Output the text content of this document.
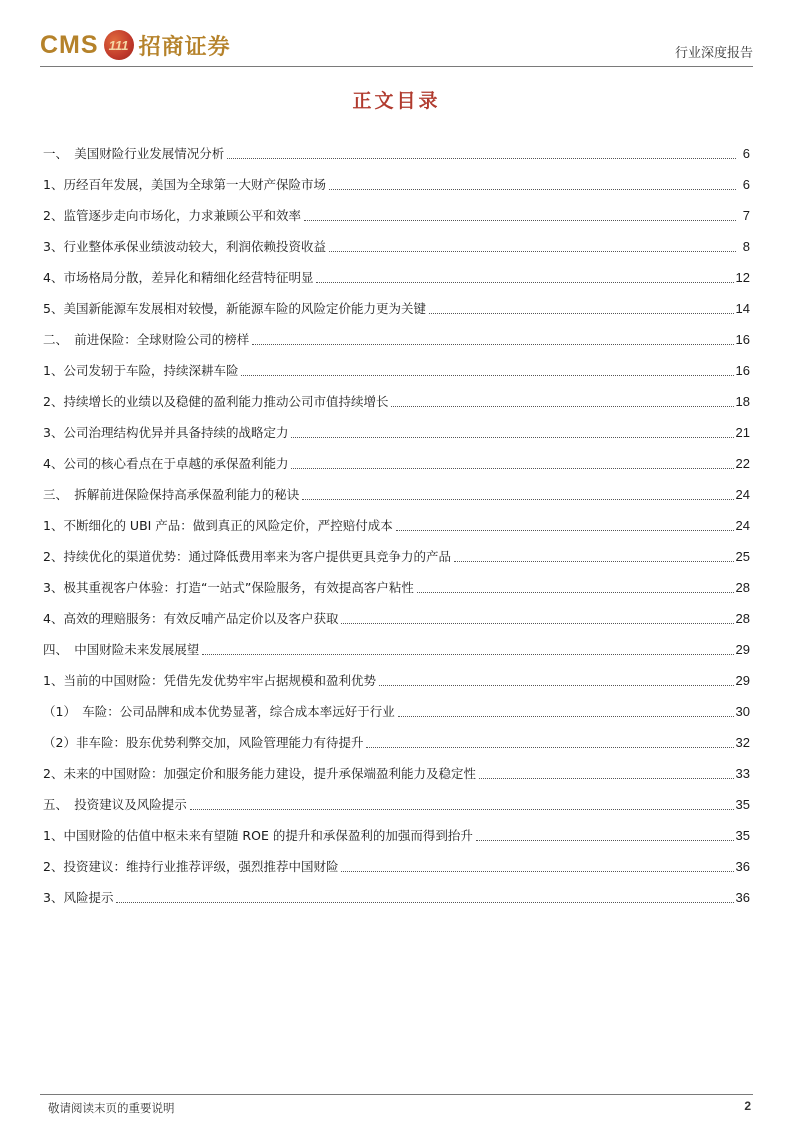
CMS 111 招商证券	行业深度报告
正文目录
一、　美国财险行业发展情况分析	6
1、历经百年发展，美国为全球第一大财产保险市场	6
2、监管逐步走向市场化，力求兼顾公平和效率	7
3、行业整体承保业绩波动较大，利润依赖投资收益	8
4、市场格局分散，差异化和精细化经营特征明显	12
5、美国新能源车发展相对较慢，新能源车险的风险定价能力更为关键	14
二、　前进保险：全球财险公司的榜样	16
1、公司发轫于车险，持续深耕车险	16
2、持续增长的业绩以及稳健的盈利能力推动公司市值持续增长	18
3、公司治理结构优异并具备持续的战略定力	21
4、公司的核心看点在于卓越的承保盈利能力	22
三、　拆解前进保险保持高承保盈利能力的秘诀	24
1、不断细化的 UBI 产品：做到真正的风险定价，严控赔付成本	24
2、持续优化的渠道优势：通过降低费用率来为客户提供更具竞争力的产品	25
3、极其重视客户体验：打造“一站式”保险服务，有效提高客户粘性	28
4、高效的理赔服务：有效反哺产品定价以及客户获取	28
四、　中国财险未来发展展望	29
1、当前的中国财险：凭借先发优势牢牢占据规模和盈利优势	29
（1）　车险：公司品牌和成本优势显著，综合成本率远好于行业	30
（2）非车险：股东优势利弊交加，风险管理能力有待提升	32
2、未来的中国财险：加强定价和服务能力建设，提升承保端盈利能力及稳定性	33
五、　投资建议及风险提示	35
1、中国财险的估值中枢未来有望随 ROE 的提升和承保盈利的加强而得到抬升	35
2、投资建议：维持行业推荐评级，强烈推荐中国财险	36
3、风险提示	36
敬请阅读末页的重要说明	2
